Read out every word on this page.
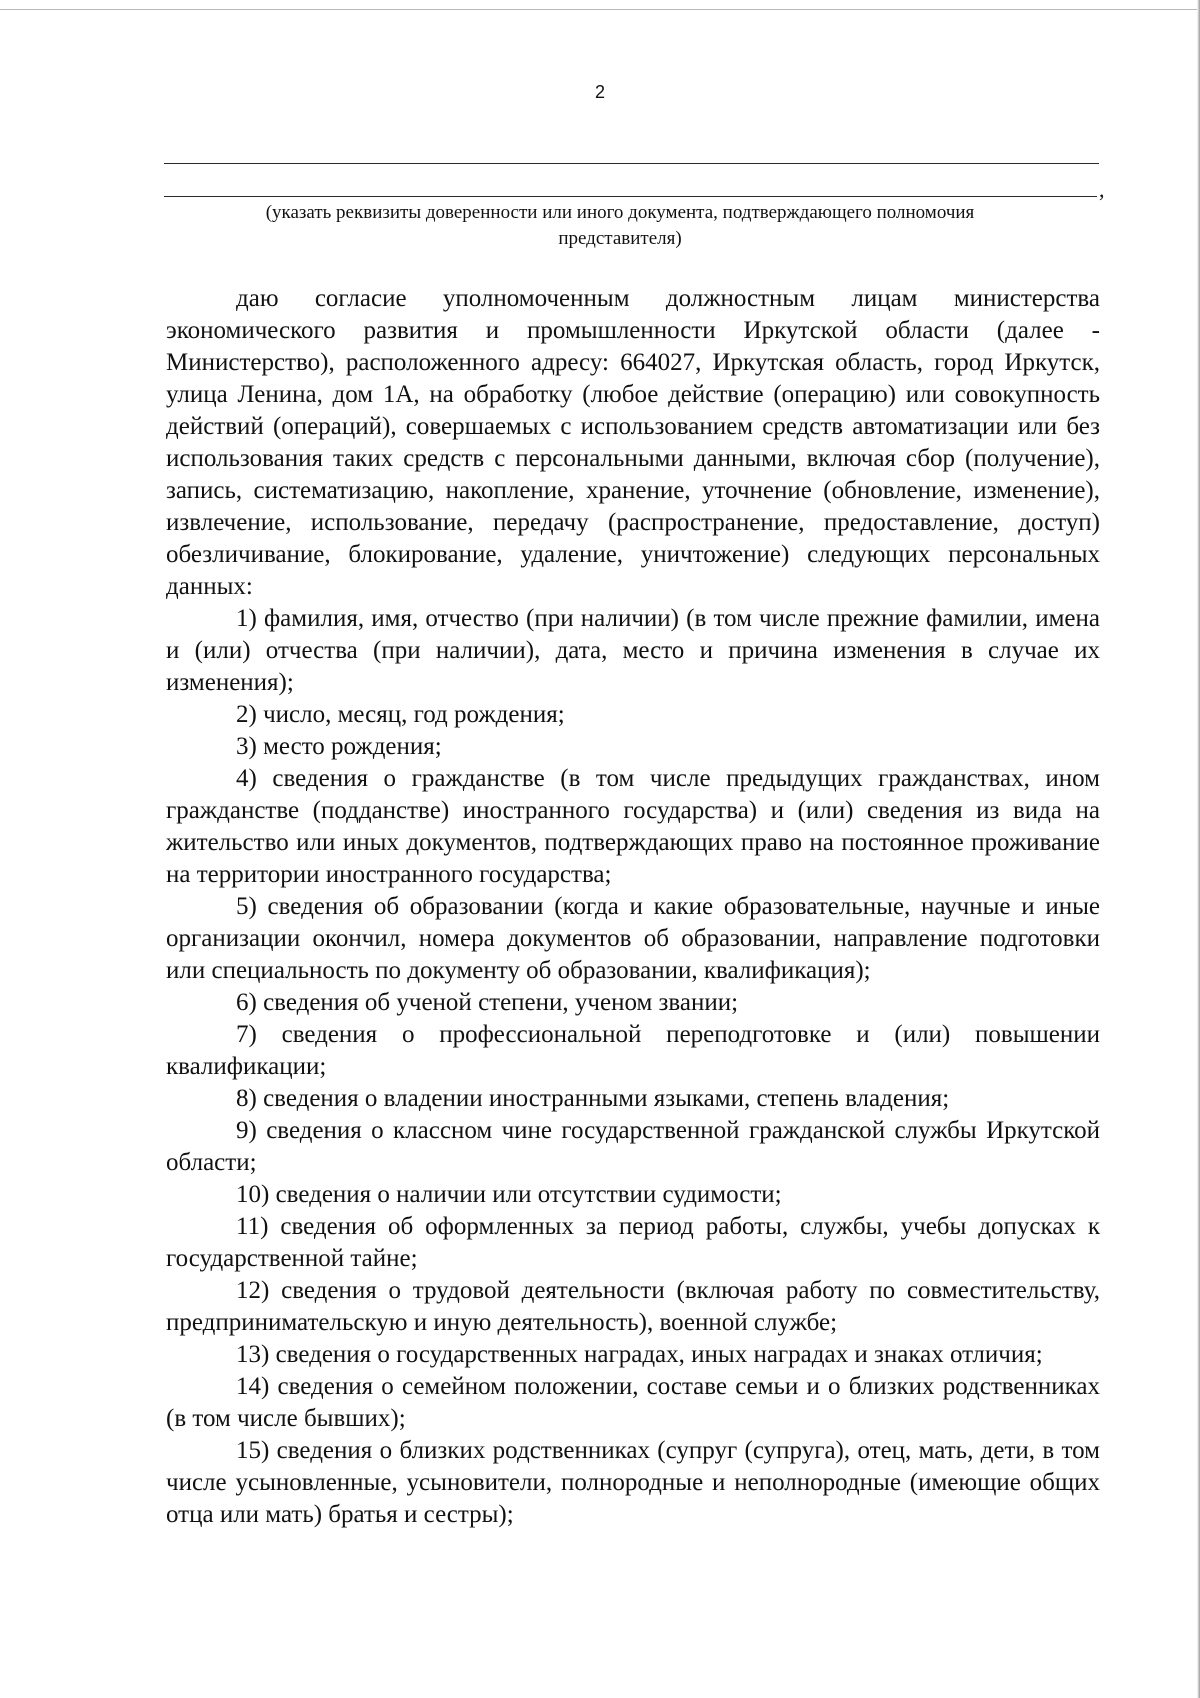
2
,
(указать реквизиты доверенности или иного документа, подтверждающего полномочия представителя)

даю согласие уполномоченным должностным лицам министерства экономического развития и промышленности Иркутской области (далее - Министерство), расположенного адресу: 664027, Иркутская область, город Иркутск, улица Ленина, дом 1А, на обработку (любое действие (операцию) или совокупность действий (операций), совершаемых с использованием средств автоматизации или без использования таких средств с персональными данными, включая сбор (получение), запись, систематизацию, накопление, хранение, уточнение (обновление, изменение), извлечение, использование, передачу (распространение, предоставление, доступ) обезличивание, блокирование, удаление, уничтожение) следующих персональных данных:

1) фамилия, имя, отчество (при наличии) (в том числе прежние фамилии, имена и (или) отчества (при наличии), дата, место и причина изменения в случае их изменения);

2) число, месяц, год рождения;

3) место рождения;

4) сведения о гражданстве (в том числе предыдущих гражданствах, ином гражданстве (подданстве) иностранного государства) и (или) сведения из вида на жительство или иных документов, подтверждающих право на постоянное проживание на территории иностранного государства;

5) сведения об образовании (когда и какие образовательные, научные и иные организации окончил, номера документов об образовании, направление подготовки или специальность по документу об образовании, квалификация);

6) сведения об ученой степени, ученом звании;

7) сведения о профессиональной переподготовке и (или) повышении квалификации;

8) сведения о владении иностранными языками, степень владения;

9) сведения о классном чине государственной гражданской службы Иркутской области;

10) сведения о наличии или отсутствии судимости;

11) сведения об оформленных за период работы, службы, учебы допусках к государственной тайне;

12) сведения о трудовой деятельности (включая работу по совместительству, предпринимательскую и иную деятельность), военной службе;

13) сведения о государственных наградах, иных наградах и знаках отличия;

14) сведения о семейном положении, составе семьи и о близких родственниках (в том числе бывших);

15) сведения о близких родственниках (супруг (супруга), отец, мать, дети, в том числе усыновленные, усыновители, полнородные и неполнородные (имеющие общих отца или мать) братья и сестры);
